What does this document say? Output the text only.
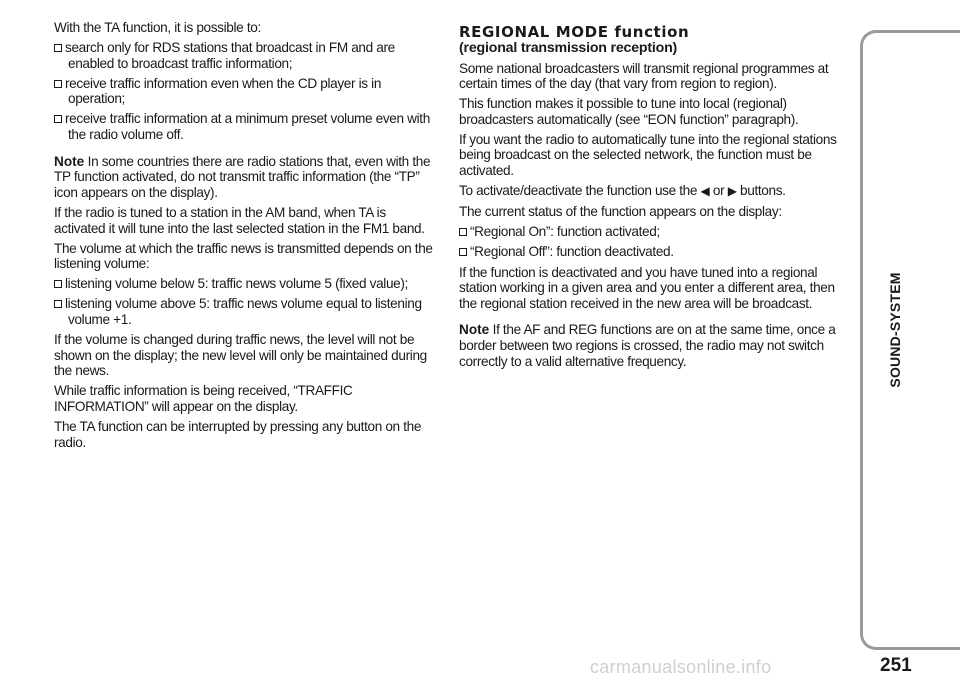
With the TA function, it is possible to:

search only for RDS stations that broadcast in FM and are enabled to broadcast traffic information;

receive traffic information even when the CD player is in operation;

receive traffic information at a minimum preset volume even with the radio volume off.

Note In some countries there are radio stations that, even with the TP function activated, do not transmit traffic information (the “TP” icon appears on the display).

If the radio is tuned to a station in the AM band, when TA is activated it will tune into the last selected station in the FM1 band.

The volume at which the traffic news is transmitted depends on the listening volume:

listening volume below 5: traffic news volume 5 (fixed value);

listening volume above 5: traffic news volume equal to listening volume +1.

If the volume is changed during traffic news, the level will not be shown on the display; the new level will only be maintained during the news.

While traffic information is being received, “TRAFFIC INFORMATION” will appear on the display.

The TA function can be interrupted by pressing any button on the radio.

REGIONAL MODE function

(regional transmission reception)

Some national broadcasters will transmit regional programmes at certain times of the day (that vary from region to region).

This function makes it possible to tune into local (regional) broadcasters automatically (see “EON function” paragraph).

If you want the radio to automatically tune into the regional stations being broadcast on the selected network, the function must be activated.

To activate/deactivate the function use the ◀ or ▶ buttons.

The current status of the function appears on the display:

“Regional On”: function activated;

“Regional Off”: function deactivated.

If the function is deactivated and you have tuned into a regional station working in a given area and you enter a different area, then the regional station received in the new area will be broadcast.

Note If the AF and REG functions are on at the same time, once a border between two regions is crossed, the radio may not switch correctly to a valid alternative frequency.	SOUND-SYSTEM
251
carmanualsonline.info
